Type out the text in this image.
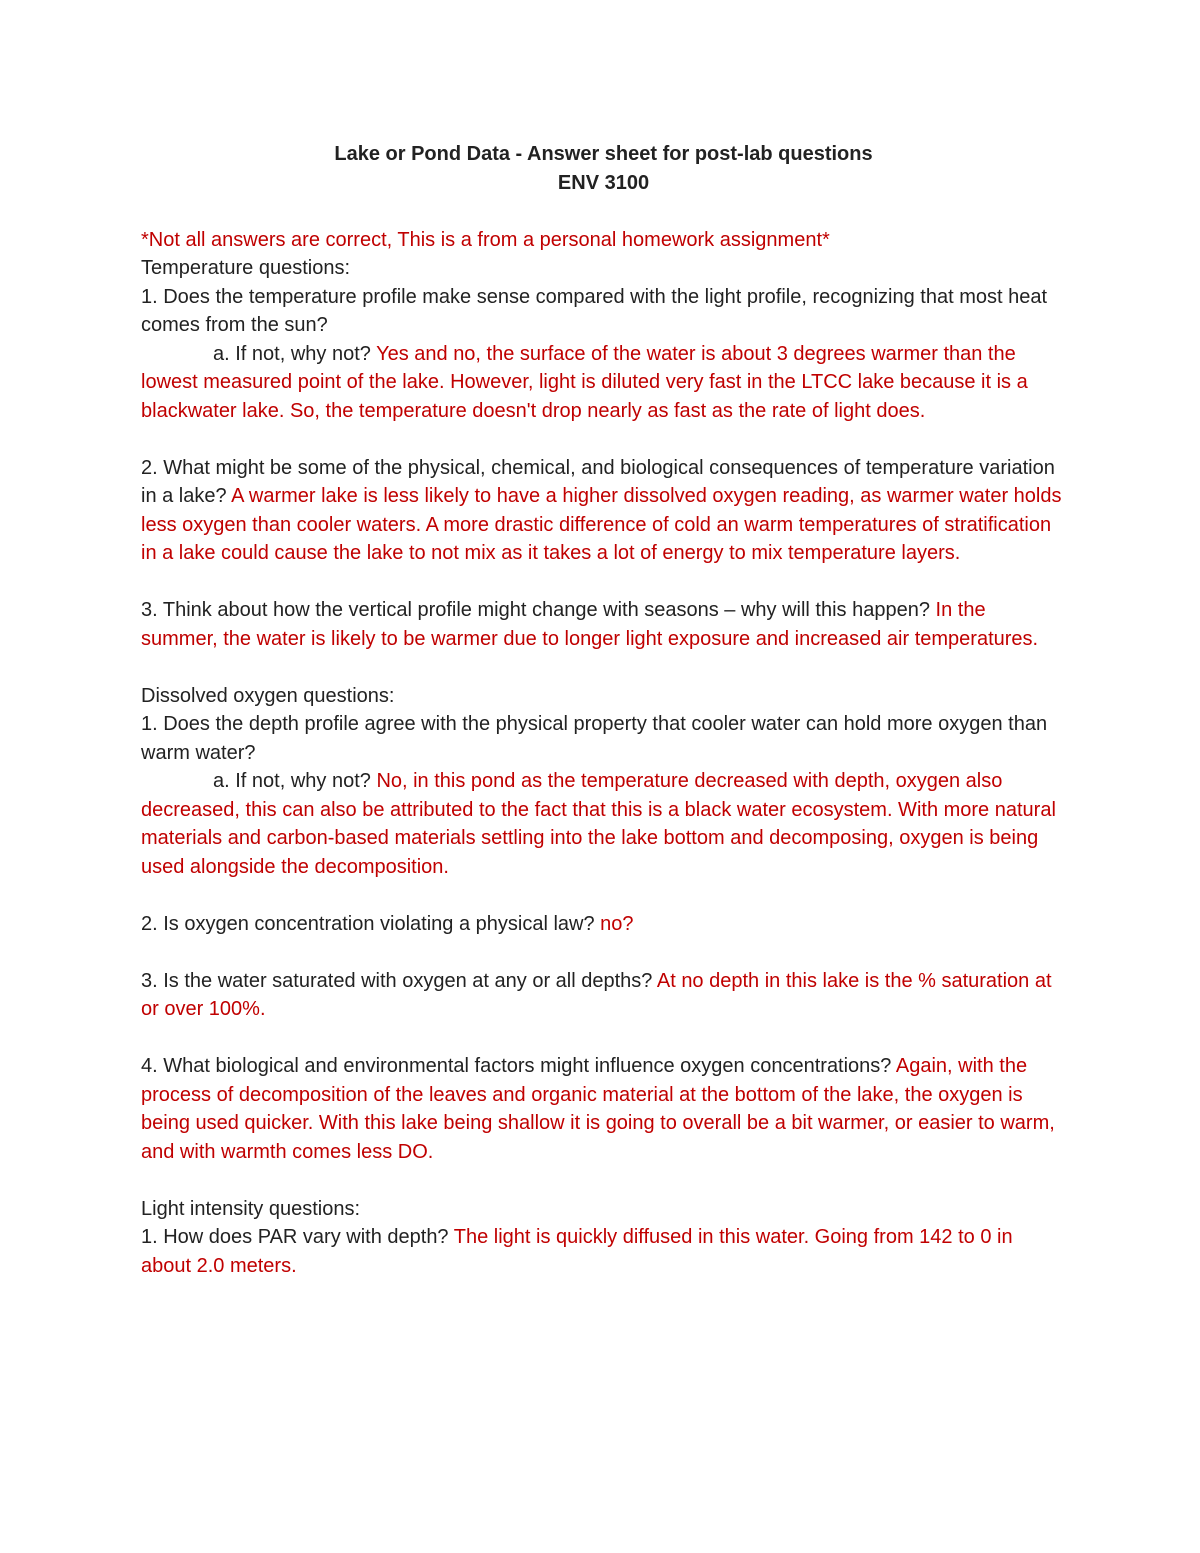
Lake or Pond Data - Answer sheet for post-lab questions

ENV 3100

*Not all answers are correct, This is a from a personal homework assignment*

Temperature questions:

1. Does the temperature profile make sense compared with the light profile, recognizing that most heat comes from the sun?

a. If not, why not? Yes and no, the surface of the water is about 3 degrees warmer than the lowest measured point of the lake. However, light is diluted very fast in the LTCC lake because it is a blackwater lake. So, the temperature doesn't drop nearly as fast as the rate of light does.

2. What might be some of the physical, chemical, and biological consequences of temperature variation in a lake? A warmer lake is less likely to have a higher dissolved oxygen reading, as warmer water holds less oxygen than cooler waters. A more drastic difference of cold an warm temperatures of stratification in a lake could cause the lake to not mix as it takes a lot of energy to mix temperature layers.

3. Think about how the vertical profile might change with seasons – why will this happen? In the summer, the water is likely to be warmer due to longer light exposure and increased air temperatures.

Dissolved oxygen questions:

1. Does the depth profile agree with the physical property that cooler water can hold more oxygen than warm water?

a. If not, why not? No, in this pond as the temperature decreased with depth, oxygen also decreased, this can also be attributed to the fact that this is a black water ecosystem. With more natural materials and carbon-based materials settling into the lake bottom and decomposing, oxygen is being used alongside the decomposition.

2. Is oxygen concentration violating a physical law? no?

3. Is the water saturated with oxygen at any or all depths? At no depth in this lake is the % saturation at or over 100%.

4. What biological and environmental factors might influence oxygen concentrations? Again, with the process of decomposition of the leaves and organic material at the bottom of the lake, the oxygen is being used quicker. With this lake being shallow it is going to overall be a bit warmer, or easier to warm, and with warmth comes less DO.

Light intensity questions:

1. How does PAR vary with depth? The light is quickly diffused in this water. Going from 142 to 0 in about 2.0 meters.
